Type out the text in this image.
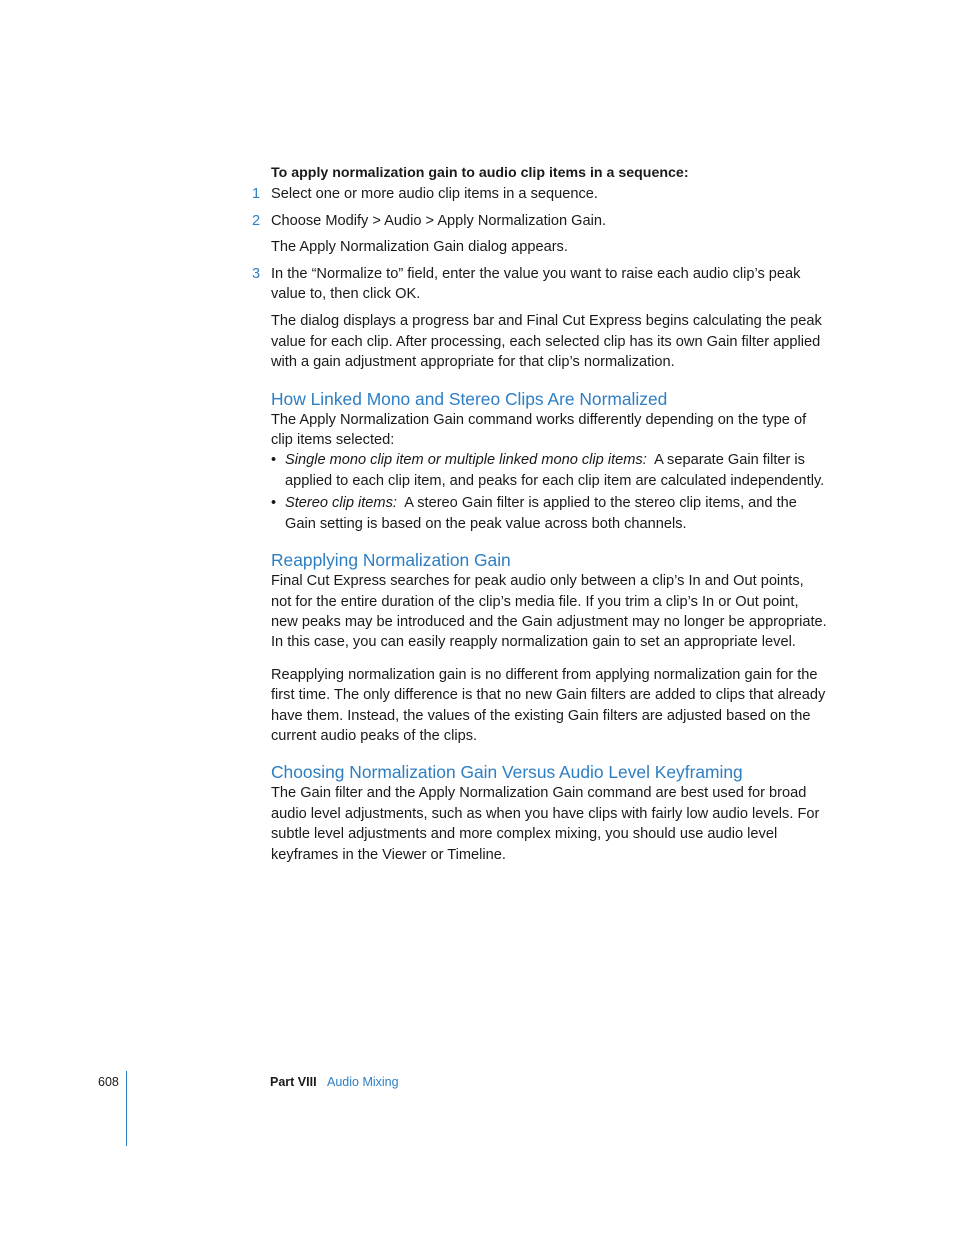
To apply normalization gain to audio clip items in a sequence:

1 Select one or more audio clip items in a sequence.
2 Choose Modify > Audio > Apply Normalization Gain.

The Apply Normalization Gain dialog appears.

3 In the “Normalize to” field, enter the value you want to raise each audio clip’s peak value to, then click OK.

The dialog displays a progress bar and Final Cut Express begins calculating the peak value for each clip. After processing, each selected clip has its own Gain filter applied with a gain adjustment appropriate for that clip’s normalization.

How Linked Mono and Stereo Clips Are Normalized

The Apply Normalization Gain command works differently depending on the type of clip items selected:

• Single mono clip item or multiple linked mono clip items: A separate Gain filter is applied to each clip item, and peaks for each clip item are calculated independently.
• Stereo clip items: A stereo Gain filter is applied to the stereo clip items, and the Gain setting is based on the peak value across both channels.
Reapplying Normalization Gain

Final Cut Express searches for peak audio only between a clip’s In and Out points, not for the entire duration of the clip’s media file. If you trim a clip’s In or Out point, new peaks may be introduced and the Gain adjustment may no longer be appropriate. In this case, you can easily reapply normalization gain to set an appropriate level.

Reapplying normalization gain is no different from applying normalization gain for the first time. The only difference is that no new Gain filters are added to clips that already have them. Instead, the values of the existing Gain filters are adjusted based on the current audio peaks of the clips.

Choosing Normalization Gain Versus Audio Level Keyframing

The Gain filter and the Apply Normalization Gain command are best used for broad audio level adjustments, such as when you have clips with fairly low audio levels. For subtle level adjustments and more complex mixing, you should use audio level keyframes in the Viewer or Timeline.

608	Part VIII Audio Mixing
